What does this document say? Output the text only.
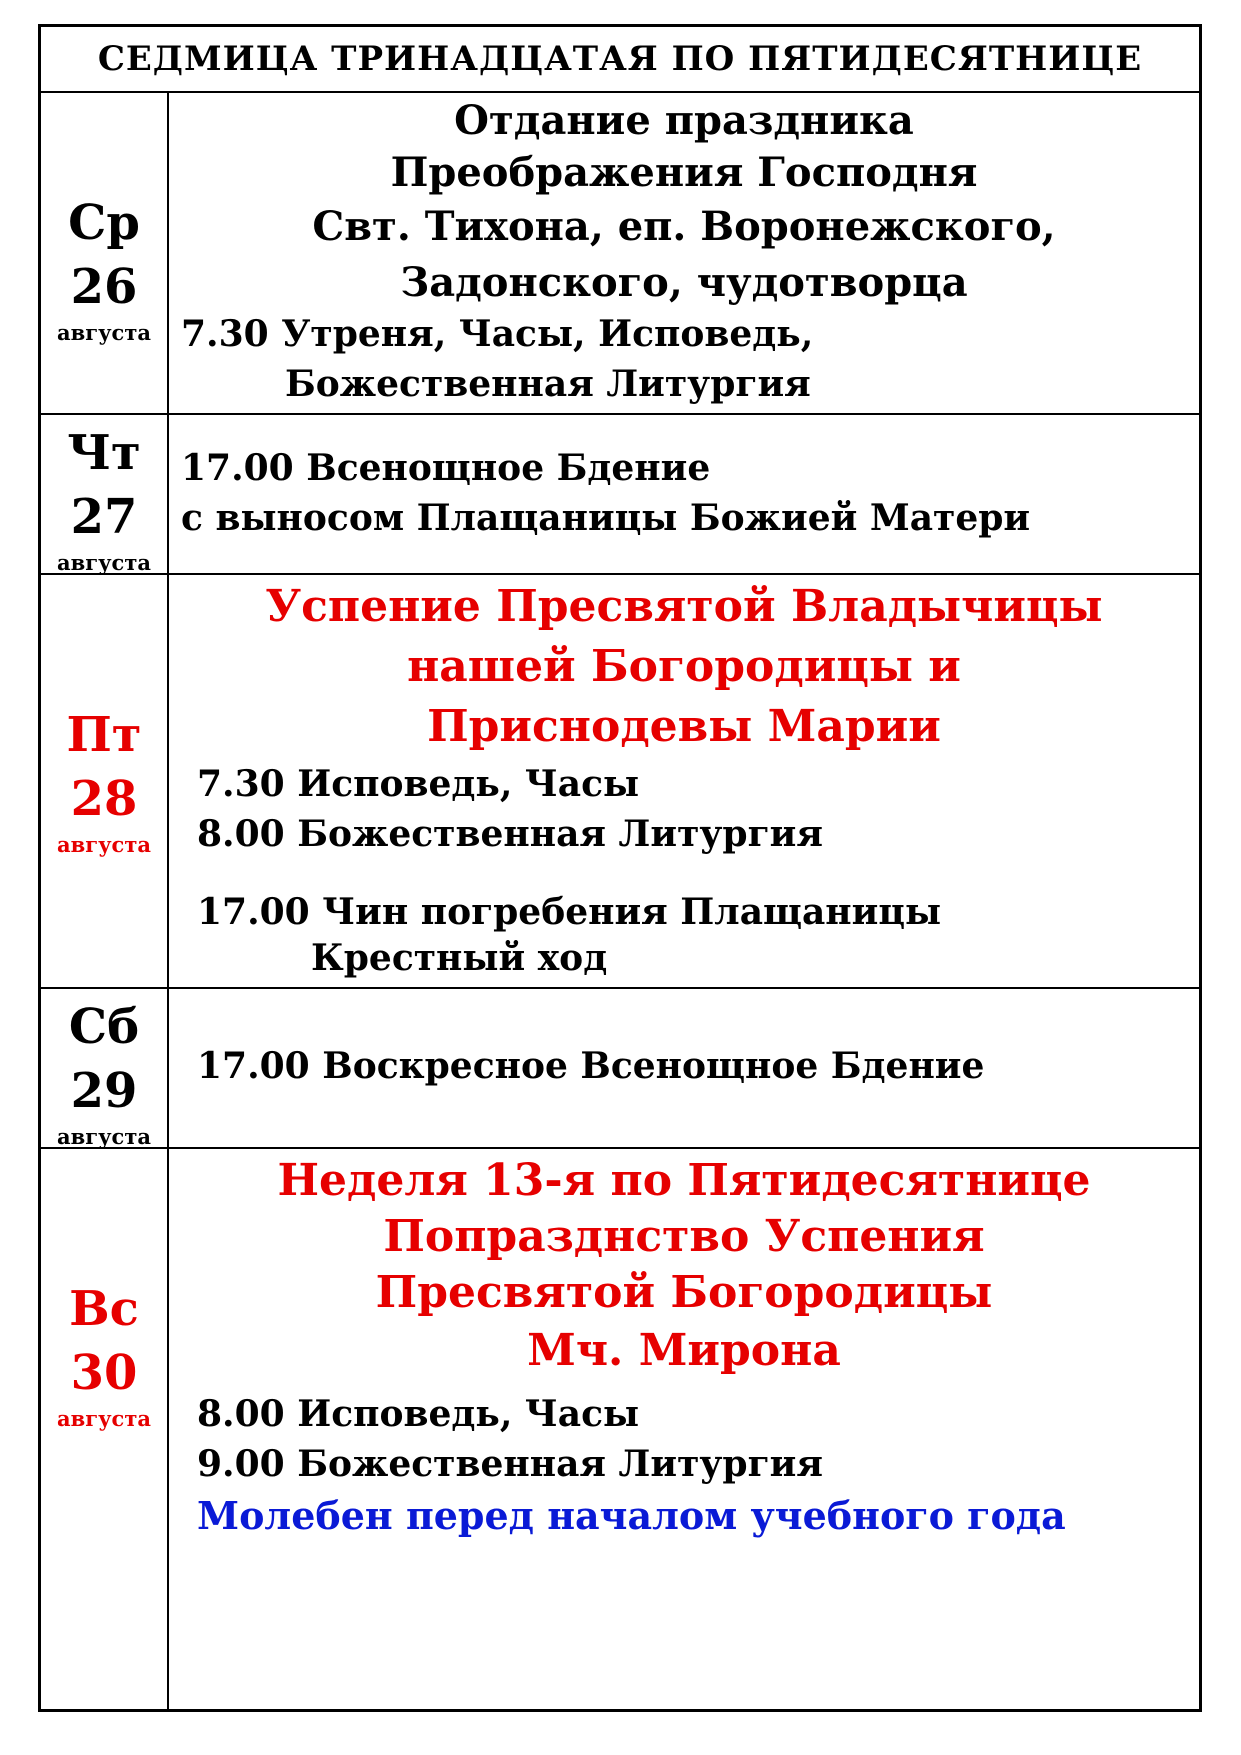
СЕДМИЦА ТРИНАДЦАТАЯ ПО ПЯТИДЕСЯТНИЦЕ
Ср
26
августа
Отдание праздника
Преображения Господня
Свт. Тихона, еп. Воронежского,
Задонского, чудотворца
7.30 Утреня, Часы, Исповедь,
Божественная Литургия
Чт
27
августа
17.00 Всенощное Бдение
с выносом Плащаницы Божией Матери
Пт
28
августа
Успение Пресвятой Владычицы
нашей Богородицы и
Приснодевы Марии
7.30 Исповедь, Часы
8.00 Божественная Литургия
17.00 Чин погребения Плащаницы
Крестный ход
Сб
29
августа
17.00 Воскресное Всенощное Бдение
Вс
30
августа
Неделя 13-я по Пятидесятнице
Попразднство Успения
Пресвятой Богородицы
Мч. Мирона
8.00 Исповедь, Часы
9.00 Божественная Литургия
Молебен перед началом учебного года
